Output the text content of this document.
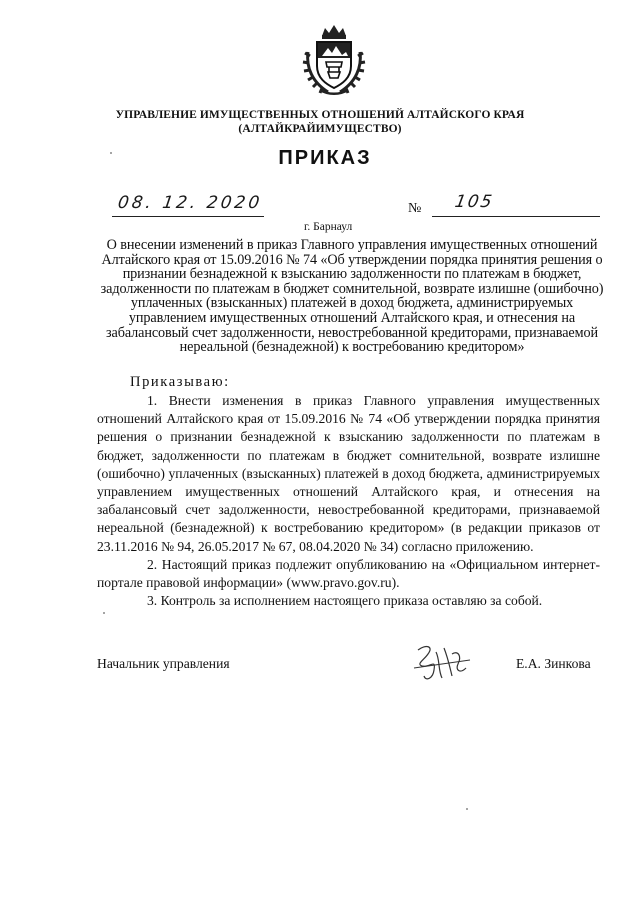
УПРАВЛЕНИЕ ИМУЩЕСТВЕННЫХ ОТНОШЕНИЙ АЛТАЙСКОГО КРАЯ
(АЛТАЙКРАЙИМУЩЕСТВО)
ПРИКАЗ
08. 12. 2020	№ 105
г. Барнаул
О внесении изменений в приказ Главного управления имущественных отношений Алтайского края от 15.09.2016 № 74 «Об утверждении порядка принятия решения о признании безнадежной к взысканию задолженности по платежам в бюджет, задолженности по платежам в бюджет сомнительной, возврате излишне (ошибочно) уплаченных (взысканных) платежей в доход бюджета, администрируемых управлением имущественных отношений Алтайского края, и отнесения на забалансовый счет задолженности, невостребованной кредиторами, признаваемой нереальной (безнадежной) к востребованию кредитором»
Приказываю:

1. Внести изменения в приказ Главного управления имущественных отношений Алтайского края от 15.09.2016 № 74 «Об утверждении порядка принятия решения о признании безнадежной к взысканию задолженности по платежам в бюджет, задолженности по платежам в бюджет сомнительной, возврате излишне (ошибочно) уплаченных (взысканных) платежей в доход бюджета, администрируемых управлением имущественных отношений Алтайского края, и отнесения на забалансовый счет задолженности, невостребованной кредиторами, признаваемой нереальной (безнадежной) к востребованию кредитором» (в редакции приказов от 23.11.2016 № 94, 26.05.2017 № 67, 08.04.2020 № 34) согласно приложению.

2. Настоящий приказ подлежит опубликованию на «Официальном интернет-портале правовой информации» (www.pravo.gov.ru).

3. Контроль за исполнением настоящего приказа оставляю за собой.

Начальник управления	Е.А. Зинкова
